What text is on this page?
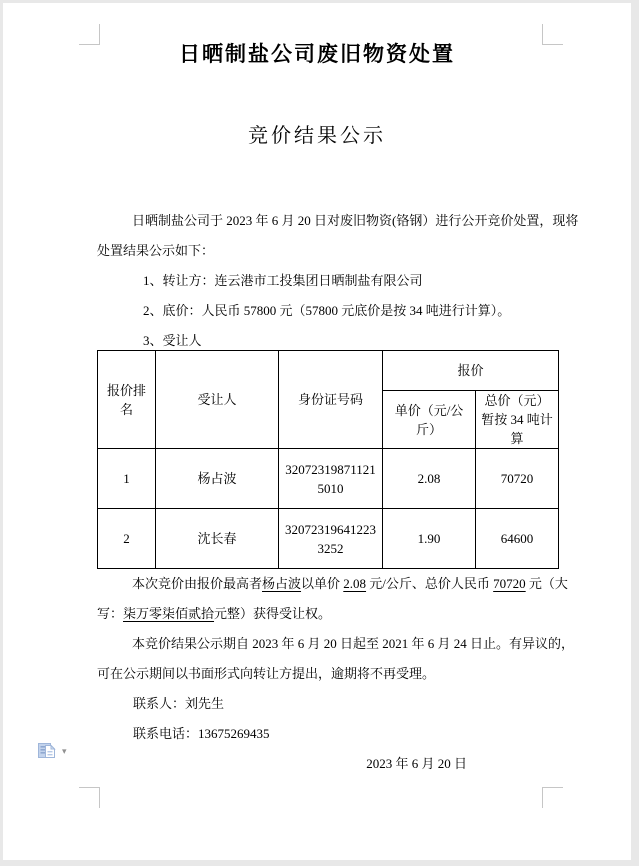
日晒制盐公司废旧物资处置
竞价结果公示

日晒制盐公司于 2023 年 6 月 20 日对废旧物资(铬钢）进行公开竞价处置，现将处置结果公示如下：

1、转让方：连云港市工投集团日晒制盐有限公司

2、底价：人民币 57800 元（57800 元底价是按 34 吨进行计算）。

3、受让人

报价排名	受让人	身份证号码	报价	
			单价（元/公斤）	总价（元）暂按 34 吨计算
1	杨占波	320723198711215010	2.08	70720
2	沈长春	320723196412233252	1.90	64600

本次竞价由报价最高者杨占波以单价 2.08 元/公斤、总价人民币 70720 元（大写：柒万零柒佰贰拾元整）获得受让权。

本竞价结果公示期自 2023 年 6 月 20 日起至 2021 年 6 月 24 日止。有异议的，可在公示期间以书面形式向转让方提出，逾期将不再受理。

联系人：刘先生

联系电话：13675269435

2023 年 6 月 20 日

▾
